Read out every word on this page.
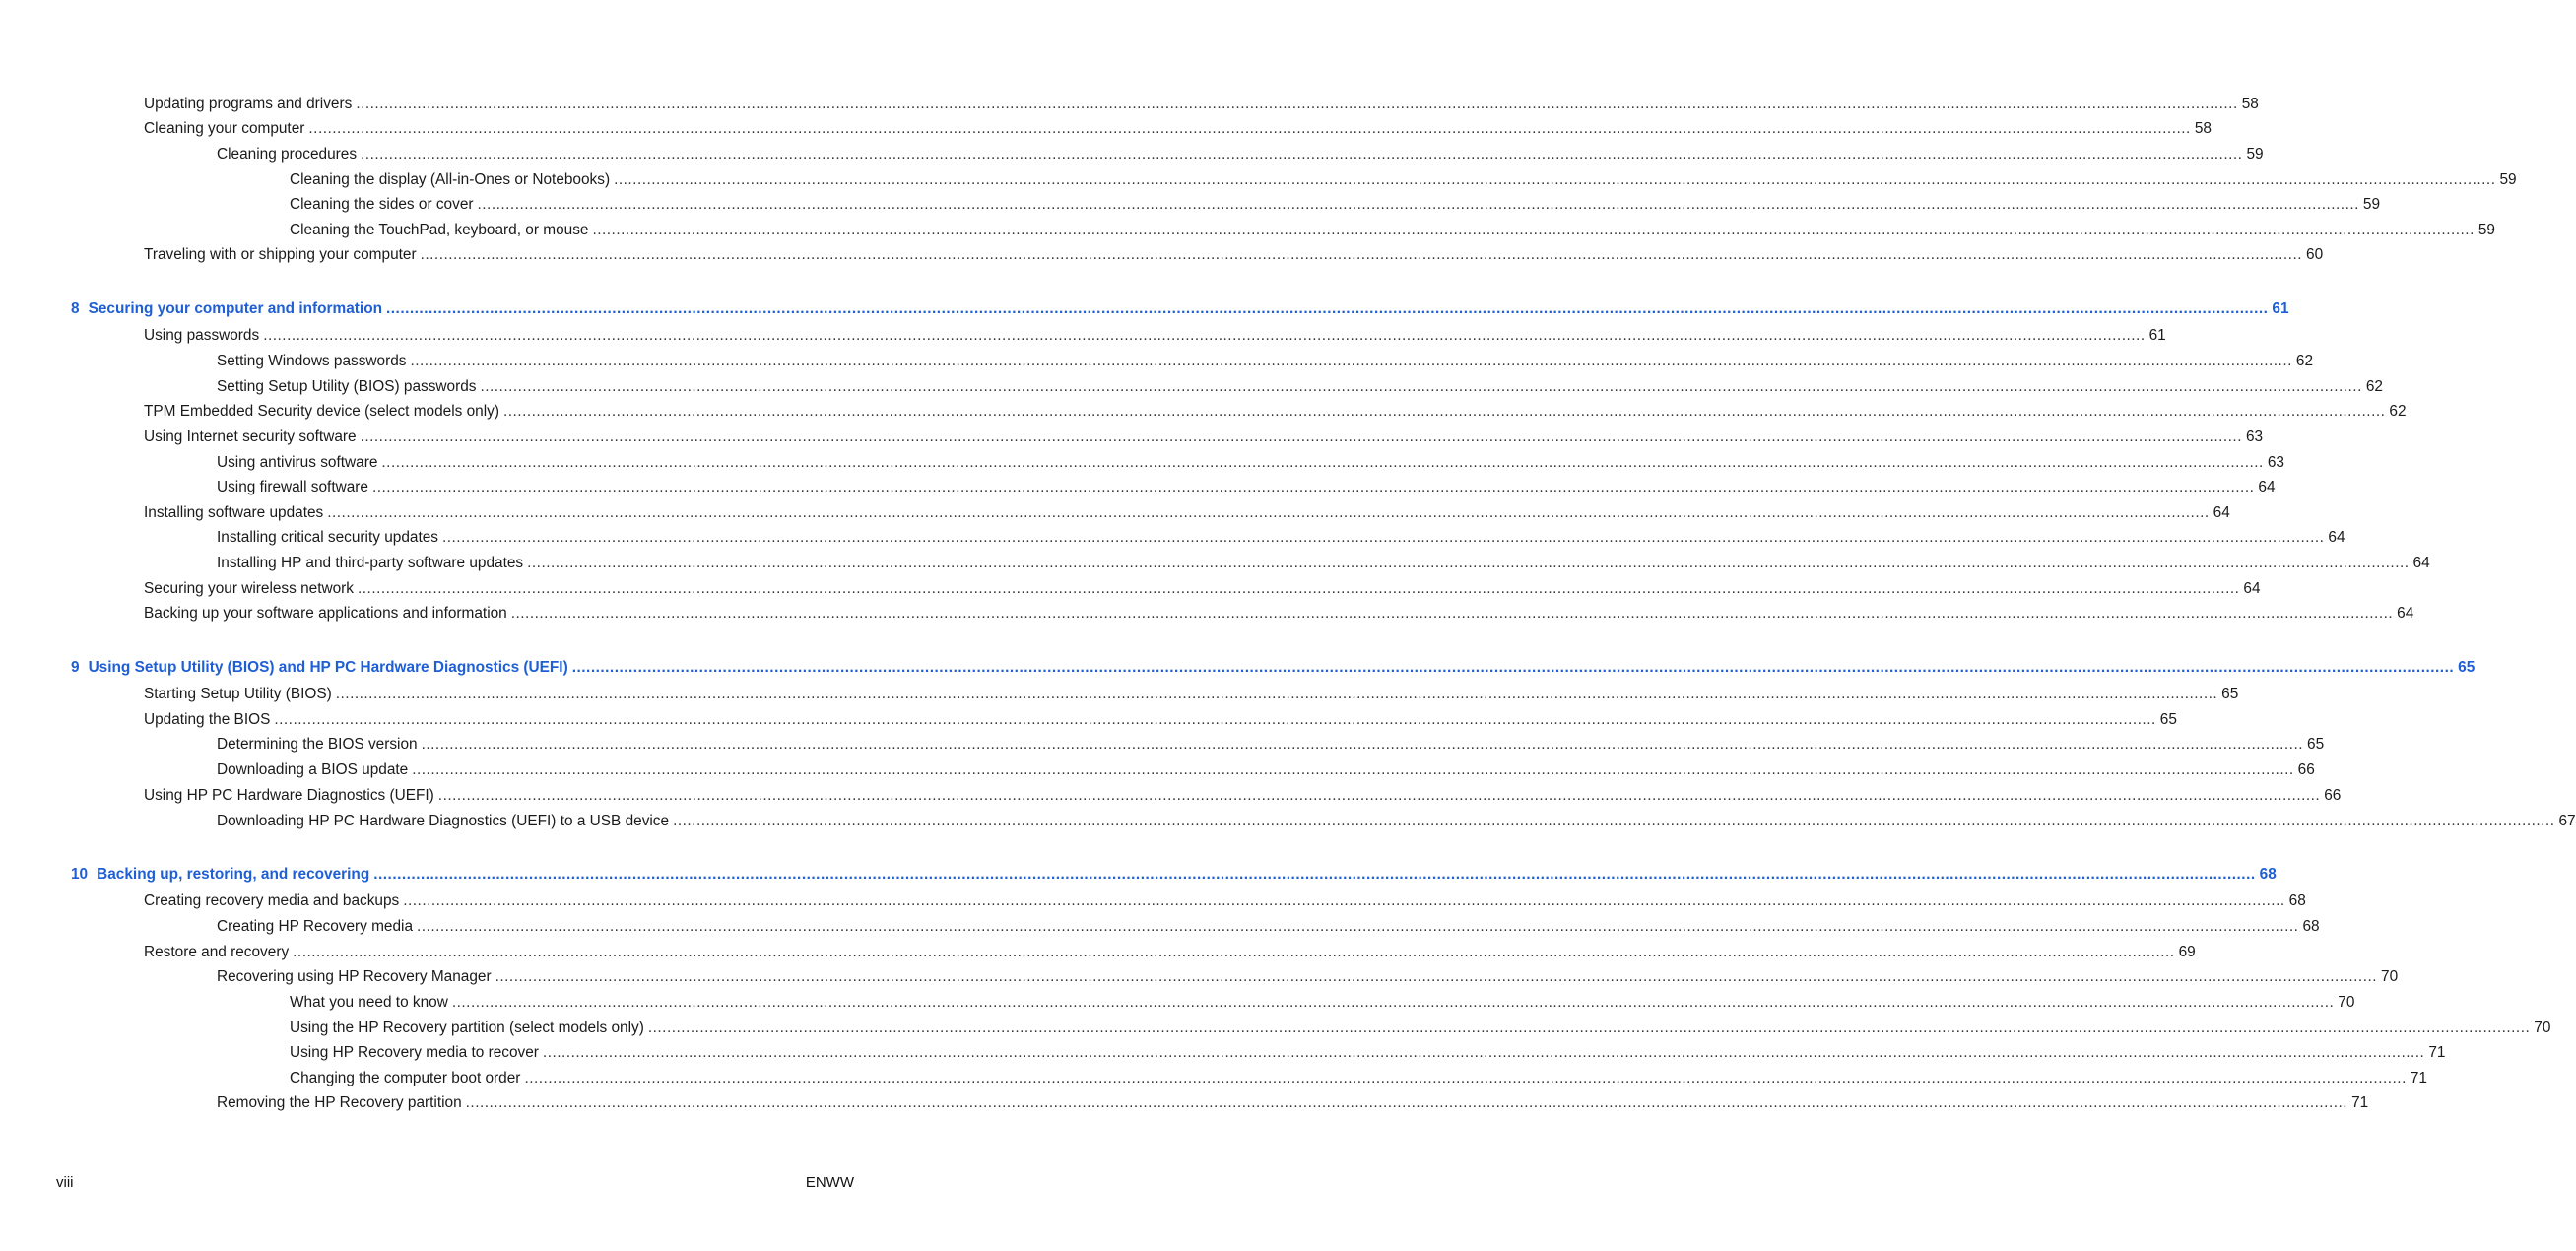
Updating programs and drivers ................................................................................................................................................................................................................................................................................................................................................................................................................ 58
Cleaning your computer ................................................................................................................................................................................................................................................................................................................................................................................................................ 58
Cleaning procedures ................................................................................................................................................................................................................................................................................................................................................................................................................ 59
Cleaning the display (All-in-Ones or Notebooks) ................................................................................................................................................................................................................................................................................................................................................................................................................ 59
Cleaning the sides or cover ................................................................................................................................................................................................................................................................................................................................................................................................................ 59
Cleaning the TouchPad, keyboard, or mouse ................................................................................................................................................................................................................................................................................................................................................................................................................ 59
Traveling with or shipping your computer ................................................................................................................................................................................................................................................................................................................................................................................................................ 60
8 Securing your computer and information ................................................................................................................................................................................................................................................................................................................................................................................................................ 61
Using passwords ................................................................................................................................................................................................................................................................................................................................................................................................................ 61
Setting Windows passwords ................................................................................................................................................................................................................................................................................................................................................................................................................ 62
Setting Setup Utility (BIOS) passwords ................................................................................................................................................................................................................................................................................................................................................................................................................ 62
TPM Embedded Security device (select models only) ................................................................................................................................................................................................................................................................................................................................................................................................................ 62
Using Internet security software ................................................................................................................................................................................................................................................................................................................................................................................................................ 63
Using antivirus software ................................................................................................................................................................................................................................................................................................................................................................................................................ 63
Using firewall software ................................................................................................................................................................................................................................................................................................................................................................................................................ 64
Installing software updates ................................................................................................................................................................................................................................................................................................................................................................................................................ 64
Installing critical security updates ................................................................................................................................................................................................................................................................................................................................................................................................................ 64
Installing HP and third-party software updates ................................................................................................................................................................................................................................................................................................................................................................................................................ 64
Securing your wireless network ................................................................................................................................................................................................................................................................................................................................................................................................................ 64
Backing up your software applications and information ................................................................................................................................................................................................................................................................................................................................................................................................................ 64
9 Using Setup Utility (BIOS) and HP PC Hardware Diagnostics (UEFI) ................................................................................................................................................................................................................................................................................................................................................................................................................ 65
Starting Setup Utility (BIOS) ................................................................................................................................................................................................................................................................................................................................................................................................................ 65
Updating the BIOS ................................................................................................................................................................................................................................................................................................................................................................................................................ 65
Determining the BIOS version ................................................................................................................................................................................................................................................................................................................................................................................................................ 65
Downloading a BIOS update ................................................................................................................................................................................................................................................................................................................................................................................................................ 66
Using HP PC Hardware Diagnostics (UEFI) ................................................................................................................................................................................................................................................................................................................................................................................................................ 66
Downloading HP PC Hardware Diagnostics (UEFI) to a USB device ................................................................................................................................................................................................................................................................................................................................................................................................................ 67
10 Backing up, restoring, and recovering ................................................................................................................................................................................................................................................................................................................................................................................................................ 68
Creating recovery media and backups ................................................................................................................................................................................................................................................................................................................................................................................................................ 68
Creating HP Recovery media ................................................................................................................................................................................................................................................................................................................................................................................................................ 68
Restore and recovery ................................................................................................................................................................................................................................................................................................................................................................................................................ 69
Recovering using HP Recovery Manager ................................................................................................................................................................................................................................................................................................................................................................................................................ 70
What you need to know ................................................................................................................................................................................................................................................................................................................................................................................................................ 70
Using the HP Recovery partition (select models only) ................................................................................................................................................................................................................................................................................................................................................................................................................ 70
Using HP Recovery media to recover ................................................................................................................................................................................................................................................................................................................................................................................................................ 71
Changing the computer boot order ................................................................................................................................................................................................................................................................................................................................................................................................................ 71
Removing the HP Recovery partition ................................................................................................................................................................................................................................................................................................................................................................................................................ 71
viii	ENWW
